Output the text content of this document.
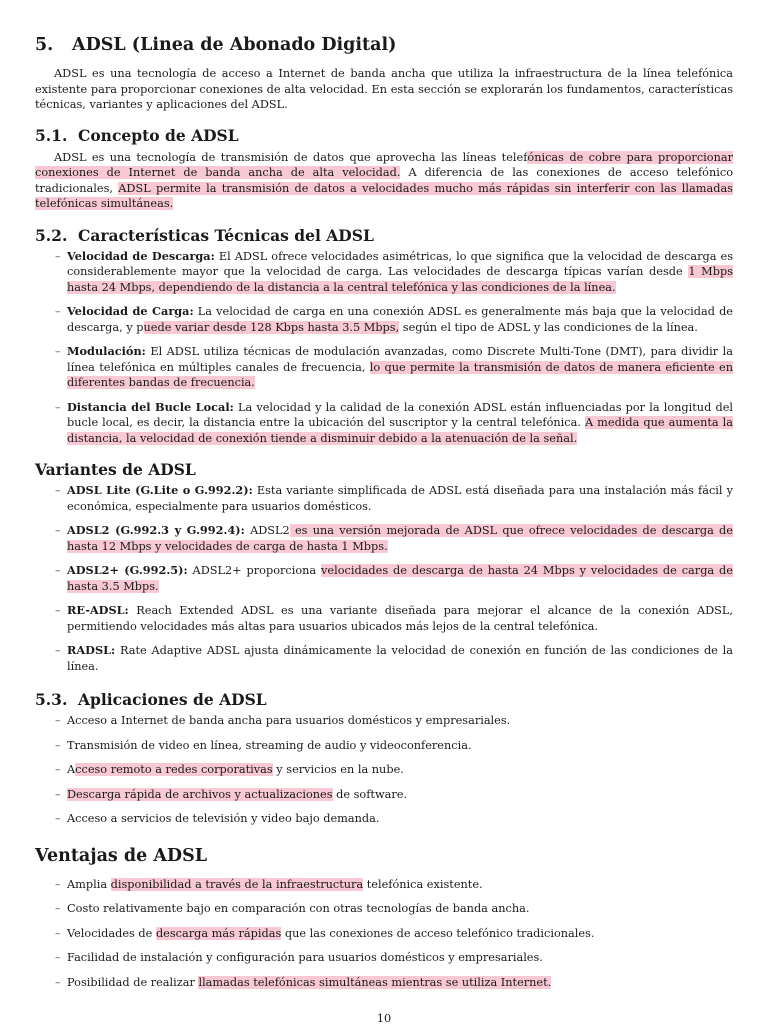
5. ADSL (Linea de Abonado Digital)

ADSL es una tecnología de acceso a Internet de banda ancha que utiliza la infraestructura de la línea telefónica existente para proporcionar conexiones de alta velocidad. En esta sección se explorarán los fundamentos, características técnicas, variantes y aplicaciones del ADSL.

5.1. Concepto de ADSL

ADSL es una tecnología de transmisión de datos que aprovecha las líneas telefónicas de cobre para proporcionar conexiones de Internet de banda ancha de alta velocidad. A diferencia de las conexiones de acceso telefónico tradicionales, ADSL permite la transmisión de datos a velocidades mucho más rápidas sin interferir con las llamadas telefónicas simultáneas.

5.2. Características Técnicas del ADSL
– Velocidad de Descarga: El ADSL ofrece velocidades asimétricas, lo que significa que la velocidad de descarga es considerablemente mayor que la velocidad de carga. Las velocidades de descarga típicas varían desde 1 Mbps hasta 24 Mbps, dependiendo de la distancia a la central telefónica y las condiciones de la línea.
– Velocidad de Carga: La velocidad de carga en una conexión ADSL es generalmente más baja que la velocidad de descarga, y puede variar desde 128 Kbps hasta 3.5 Mbps, según el tipo de ADSL y las condiciones de la línea.
– Modulación: El ADSL utiliza técnicas de modulación avanzadas, como Discrete Multi-Tone (DMT), para dividir la línea telefónica en múltiples canales de frecuencia, lo que permite la transmisión de datos de manera eficiente en diferentes bandas de frecuencia.
– Distancia del Bucle Local: La velocidad y la calidad de la conexión ADSL están influenciadas por la longitud del bucle local, es decir, la distancia entre la ubicación del suscriptor y la central telefónica. A medida que aumenta la distancia, la velocidad de conexión tiende a disminuir debido a la atenuación de la señal.
Variantes de ADSL
– ADSL Lite (G.Lite o G.992.2): Esta variante simplificada de ADSL está diseñada para una instalación más fácil y económica, especialmente para usuarios domésticos.
– ADSL2 (G.992.3 y G.992.4): ADSL2 es una versión mejorada de ADSL que ofrece velocidades de descarga de hasta 12 Mbps y velocidades de carga de hasta 1 Mbps.
– ADSL2+ (G.992.5): ADSL2+ proporciona velocidades de descarga de hasta 24 Mbps y velocidades de carga de hasta 3.5 Mbps.
– RE-ADSL: Reach Extended ADSL es una variante diseñada para mejorar el alcance de la conexión ADSL, permitiendo velocidades más altas para usuarios ubicados más lejos de la central telefónica.
– RADSL: Rate Adaptive ADSL ajusta dinámicamente la velocidad de conexión en función de las condiciones de la línea.
5.3. Aplicaciones de ADSL
– Acceso a Internet de banda ancha para usuarios domésticos y empresariales.
– Transmisión de video en línea, streaming de audio y videoconferencia.
– Acceso remoto a redes corporativas y servicios en la nube.
– Descarga rápida de archivos y actualizaciones de software.
– Acceso a servicios de televisión y video bajo demanda.
Ventajas de ADSL
– Amplia disponibilidad a través de la infraestructura telefónica existente.
– Costo relativamente bajo en comparación con otras tecnologías de banda ancha.
– Velocidades de descarga más rápidas que las conexiones de acceso telefónico tradicionales.
– Facilidad de instalación y configuración para usuarios domésticos y empresariales.
– Posibilidad de realizar llamadas telefónicas simultáneas mientras se utiliza Internet.
10
